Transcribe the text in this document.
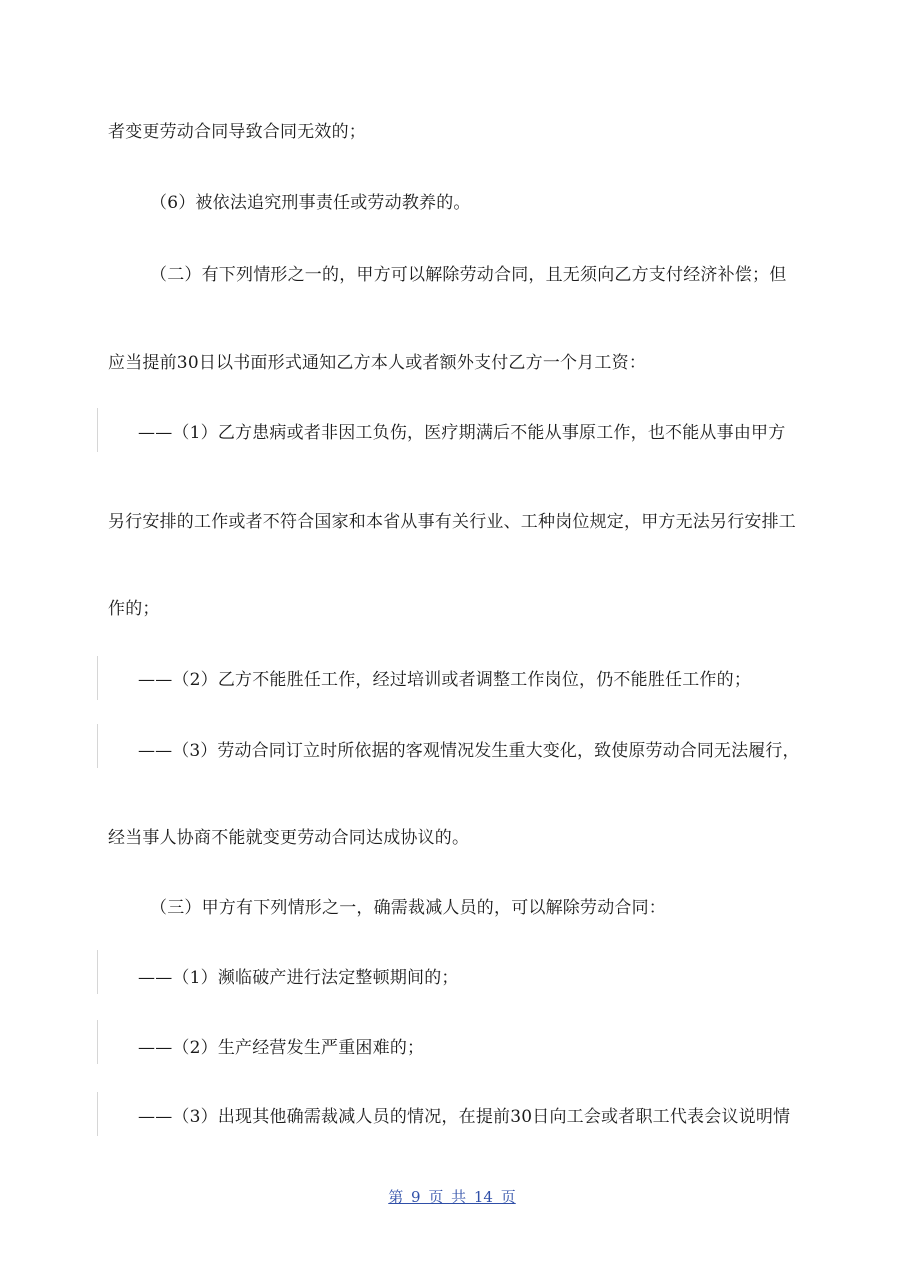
者变更劳动合同导致合同无效的；
（6）被依法追究刑事责任或劳动教养的。
（二）有下列情形之一的，甲方可以解除劳动合同，且无须向乙方支付经济补偿；但
应当提前30日以书面形式通知乙方本人或者额外支付乙方一个月工资：
——（1）乙方患病或者非因工负伤，医疗期满后不能从事原工作，也不能从事由甲方
另行安排的工作或者不符合国家和本省从事有关行业、工种岗位规定，甲方无法另行安排工
作的；
——（2）乙方不能胜任工作，经过培训或者调整工作岗位，仍不能胜任工作的；
——（3）劳动合同订立时所依据的客观情况发生重大变化，致使原劳动合同无法履行，
经当事人协商不能就变更劳动合同达成协议的。
（三）甲方有下列情形之一，确需裁减人员的，可以解除劳动合同：
——（1）濒临破产进行法定整顿期间的；
——（2）生产经营发生严重困难的；
——（3）出现其他确需裁减人员的情况，在提前30日向工会或者职工代表会议说明情
第 9 页 共 14 页
